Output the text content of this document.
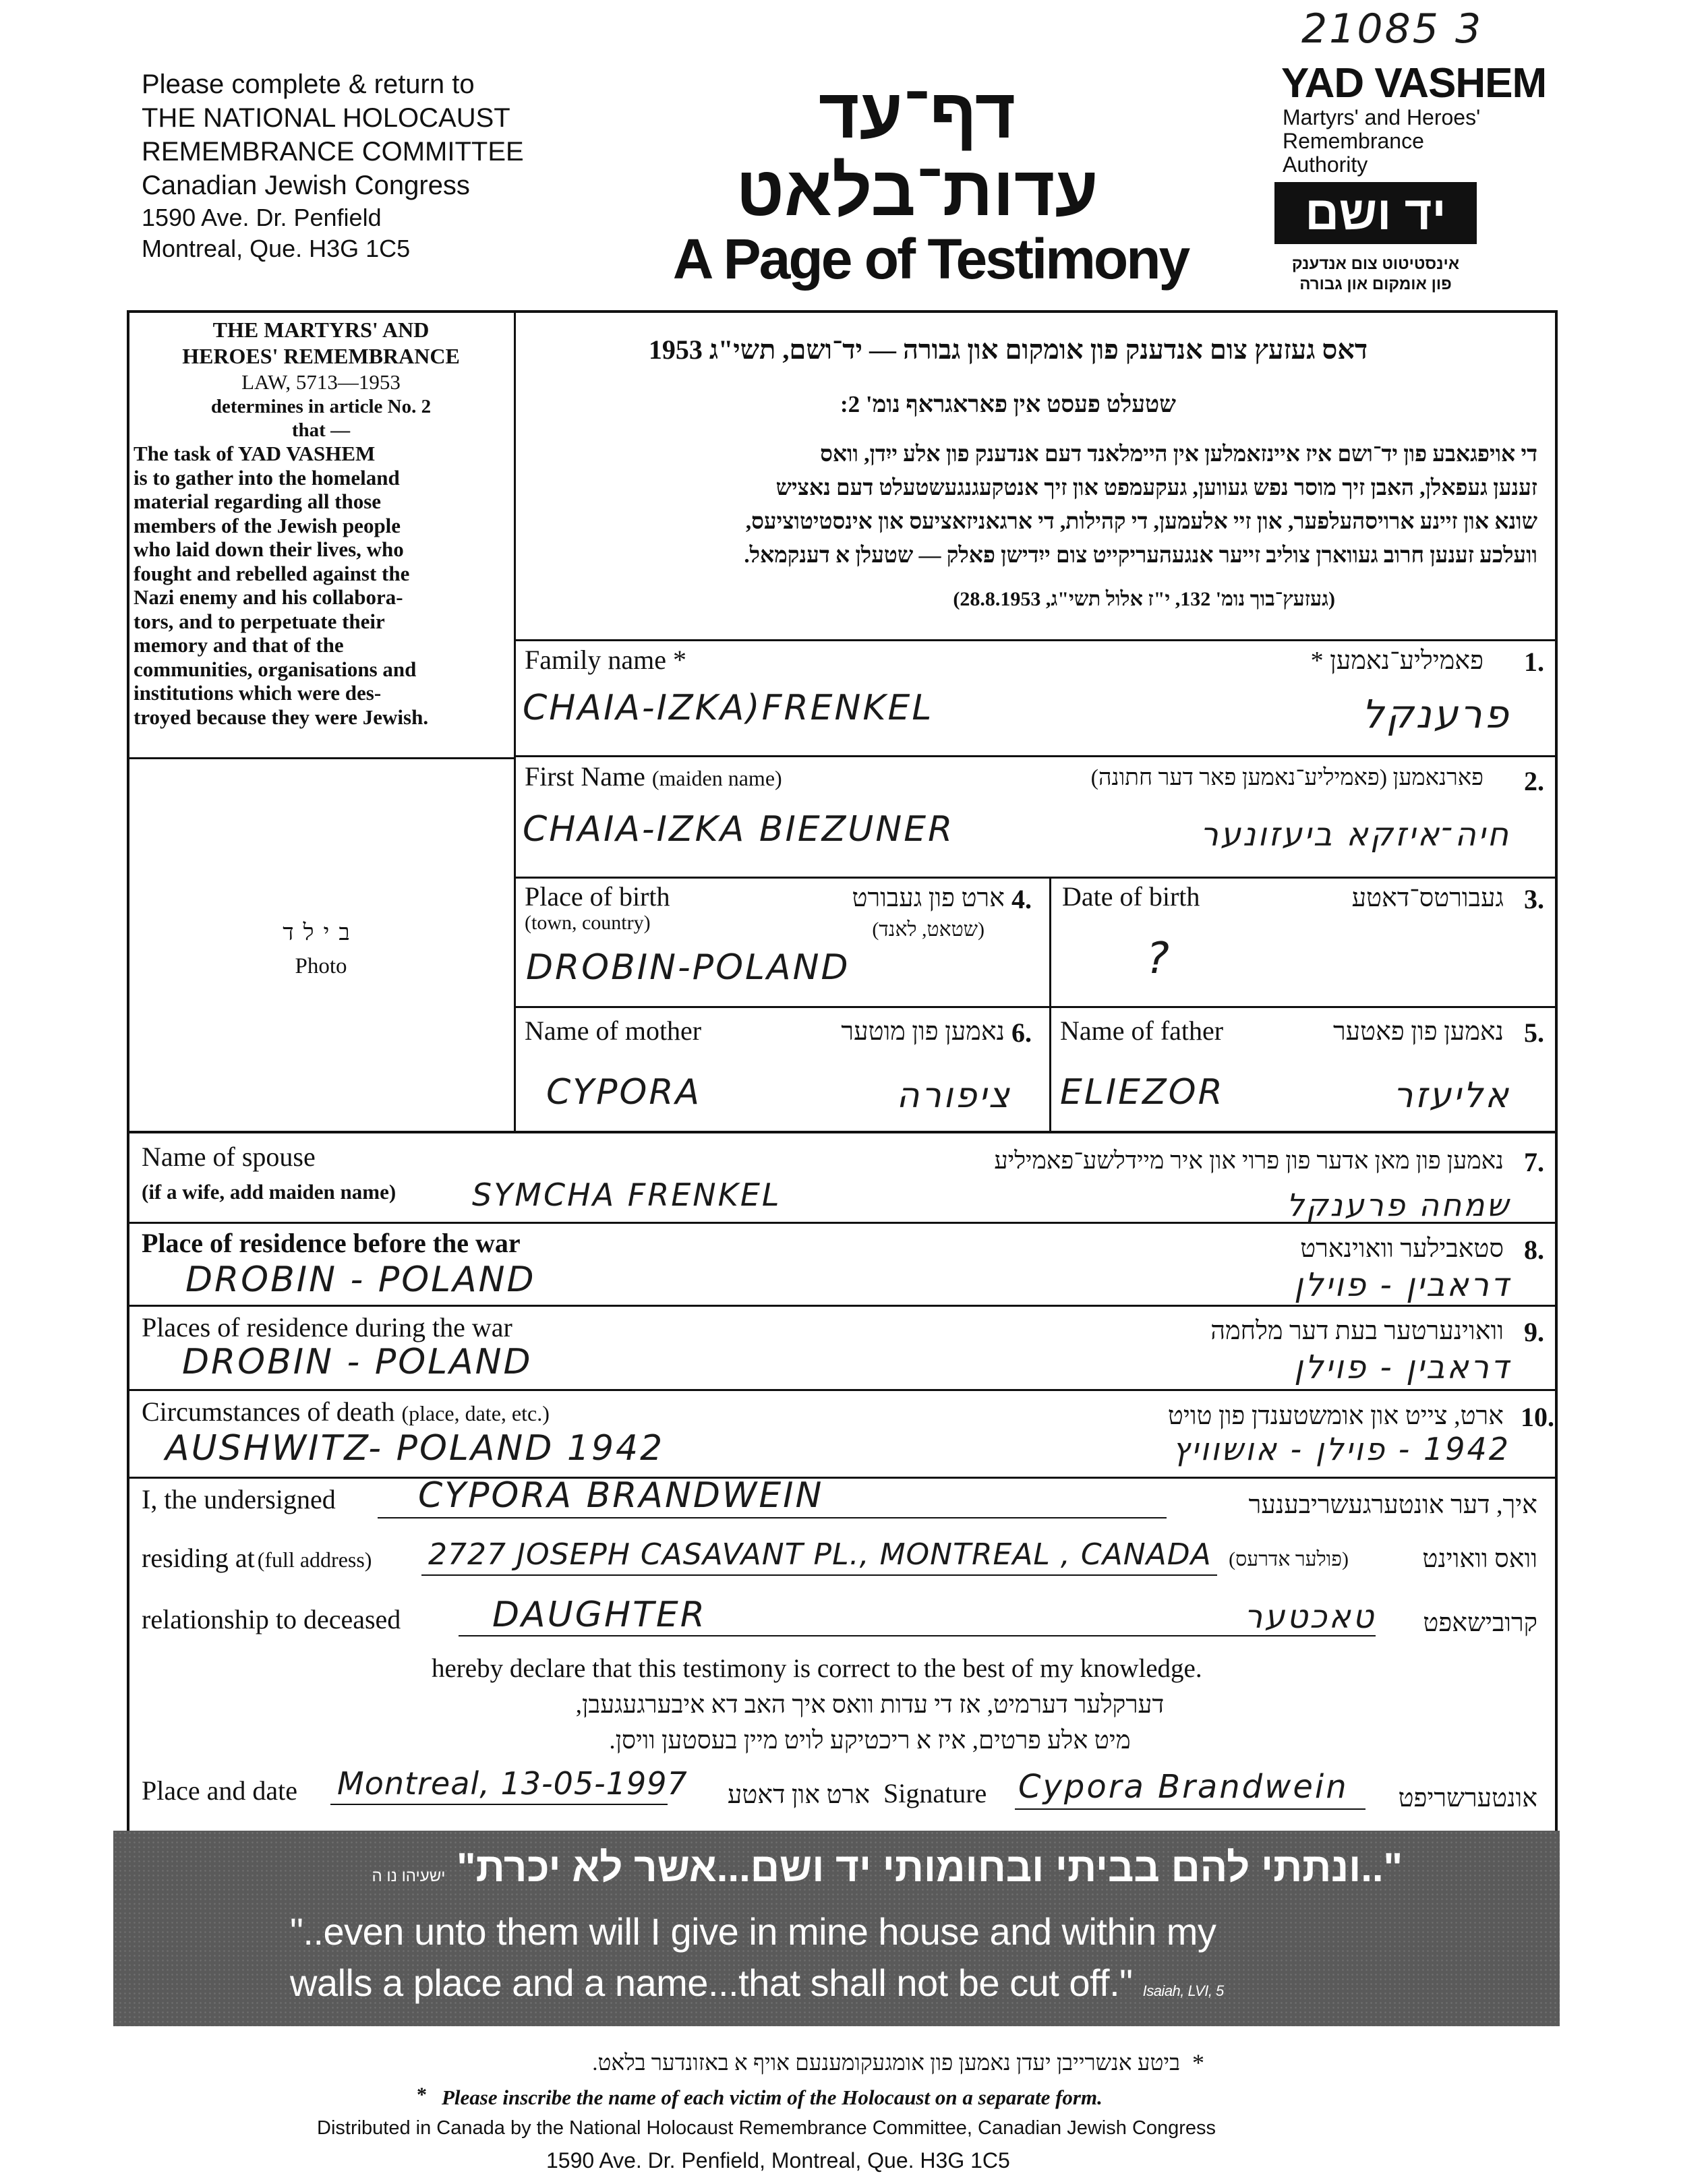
21085 3
Please complete & return to
THE NATIONAL HOLOCAUST
REMEMBRANCE COMMITTEE
Canadian Jewish Congress
1590 Ave. Dr. Penfield
Montreal, Que. H3G 1C5
דף־עד
עדות־בלאט
A Page of Testimony
YAD VASHEM
Martyrs' and Heroes'
Remembrance
Authority
יד ושם
אינסטיטוט צום אנדענק
פון אומקום און גבורה
THE MARTYRS' AND
HEROES' REMEMBRANCE
LAW, 5713—1953
determines in article No. 2
that —
The task of YAD VASHEM
is to gather into the homeland
material regarding all those
members of the Jewish people
who laid down their lives, who
fought and rebelled against the
Nazi enemy and his collabora-
tors, and to perpetuate their
memory and that of the
communities, organisations and
institutions which were des-
troyed because they were Jewish.
בילד
Photo
דאס געזעץ צום אנדענק פון אומקום און גבורה — יד־ושם, תשי"ג 1953
שטעלט פעסט אין פאראגראף נומ' 2:
די אויפגאבע פון יד־ושם איז איינזאמלען אין היימלאנד דעם אנדענק פון אלע ייִדן, וואס
זענען געפאלן, האבן זיך מוסר נפש געווען, געקעמפט און זיך אנטקעגנגעשטעלט דעם נאציש
שונא און זיינע ארויסהעלפער, און זיי אלעמען, די קהילות, די ארגאניזאציעס און אינסטיטוציעס,
וועלכע זענען חרוב געווארן צוליב זייער אנגעהעריקייט צום ייִדישן פאלק — שטעלן א דענקמאל.
(געזעץ־בוך נומ' 132, י"ז אלול תשי"ג, 28.8.1953)
Family name *	פאמיליע־נאמען * 1.
CHAIA-IZKA)FRENKEL	פרענקל
First Name (maiden name)	פארנאמען (פאמיליע־נאמען פאר דער חתונה) 2.
CHAIA-IZKA BIEZUNER	חיה־איזקא ביעזונער
Place of birth
(town, country)
ארט פון געבורט
(שטאט, לאנד)
4.
DROBIN-POLAND
Date of birth	געבורטס־דאטע 3.
?
Name of mother	נאמען פון מוטער 6.
CYPORA	ציפורה
Name of father	נאמען פון פאטער 5.
ELIEZOR	אליעזר
Name of spouse
(if a wife, add maiden name)
נאמען פון מאן אדער פון פרוי און איר מיידלשע־פאמיליע 7.
SYMCHA FRENKEL	שמחה פרענקל
Place of residence before the war	סטאבילער וואוינארט 8.
DROBIN - POLAND	דראבין - פוילן
Places of residence during the war	וואוינערטער בעת דער מלחמה 9.
DROBIN - POLAND	דראבין - פוילן
Circumstances of death (place, date, etc.)	ארט, צייט און אומשטענדן פון טויט 10.
AUSHWITZ- POLAND 1942	1942 - פוילן - אושוויץ
I, the undersigned CYPORA BRANDWEIN	איך, דער אונטערגעשריבענער
residing at (full address) 2727 JOSEPH CASAVANT PL., MONTREAL , CANADA (פולער אדרעס)	וואס וואוינט
relationship to deceased	DAUGHTER	טאכטער	קרובישאפט
hereby declare that this testimony is correct to the best of my knowledge.
דערקלער דערמיט, אז די עדות וואס איך האב דא איבערגעגעבן,
מיט אלע פרטים, איז א ריכטיקע לויט מיין בעסטען וויסן.
Place and date Montreal, 13-05-1997	ארט און דאטע Signature Cypora Brandwein	אונטערשריפט
"..ונתתי להם בביתי ובחומותי יד ושם...אשר לא יכרת" ישעיהו נו ה
"..even unto them will I give in mine house and within my
walls a place and a name...that shall not be cut off." Isaiah, LVI, 5
*
ביטע אנשרייבן יעדן נאמען פון אומגעקומענעם אויף א באזונדער בלאט.
* Please inscribe the name of each victim of the Holocaust on a separate form.
Distributed in Canada by the National Holocaust Remembrance Committee, Canadian Jewish Congress
1590 Ave. Dr. Penfield, Montreal, Que. H3G 1C5
